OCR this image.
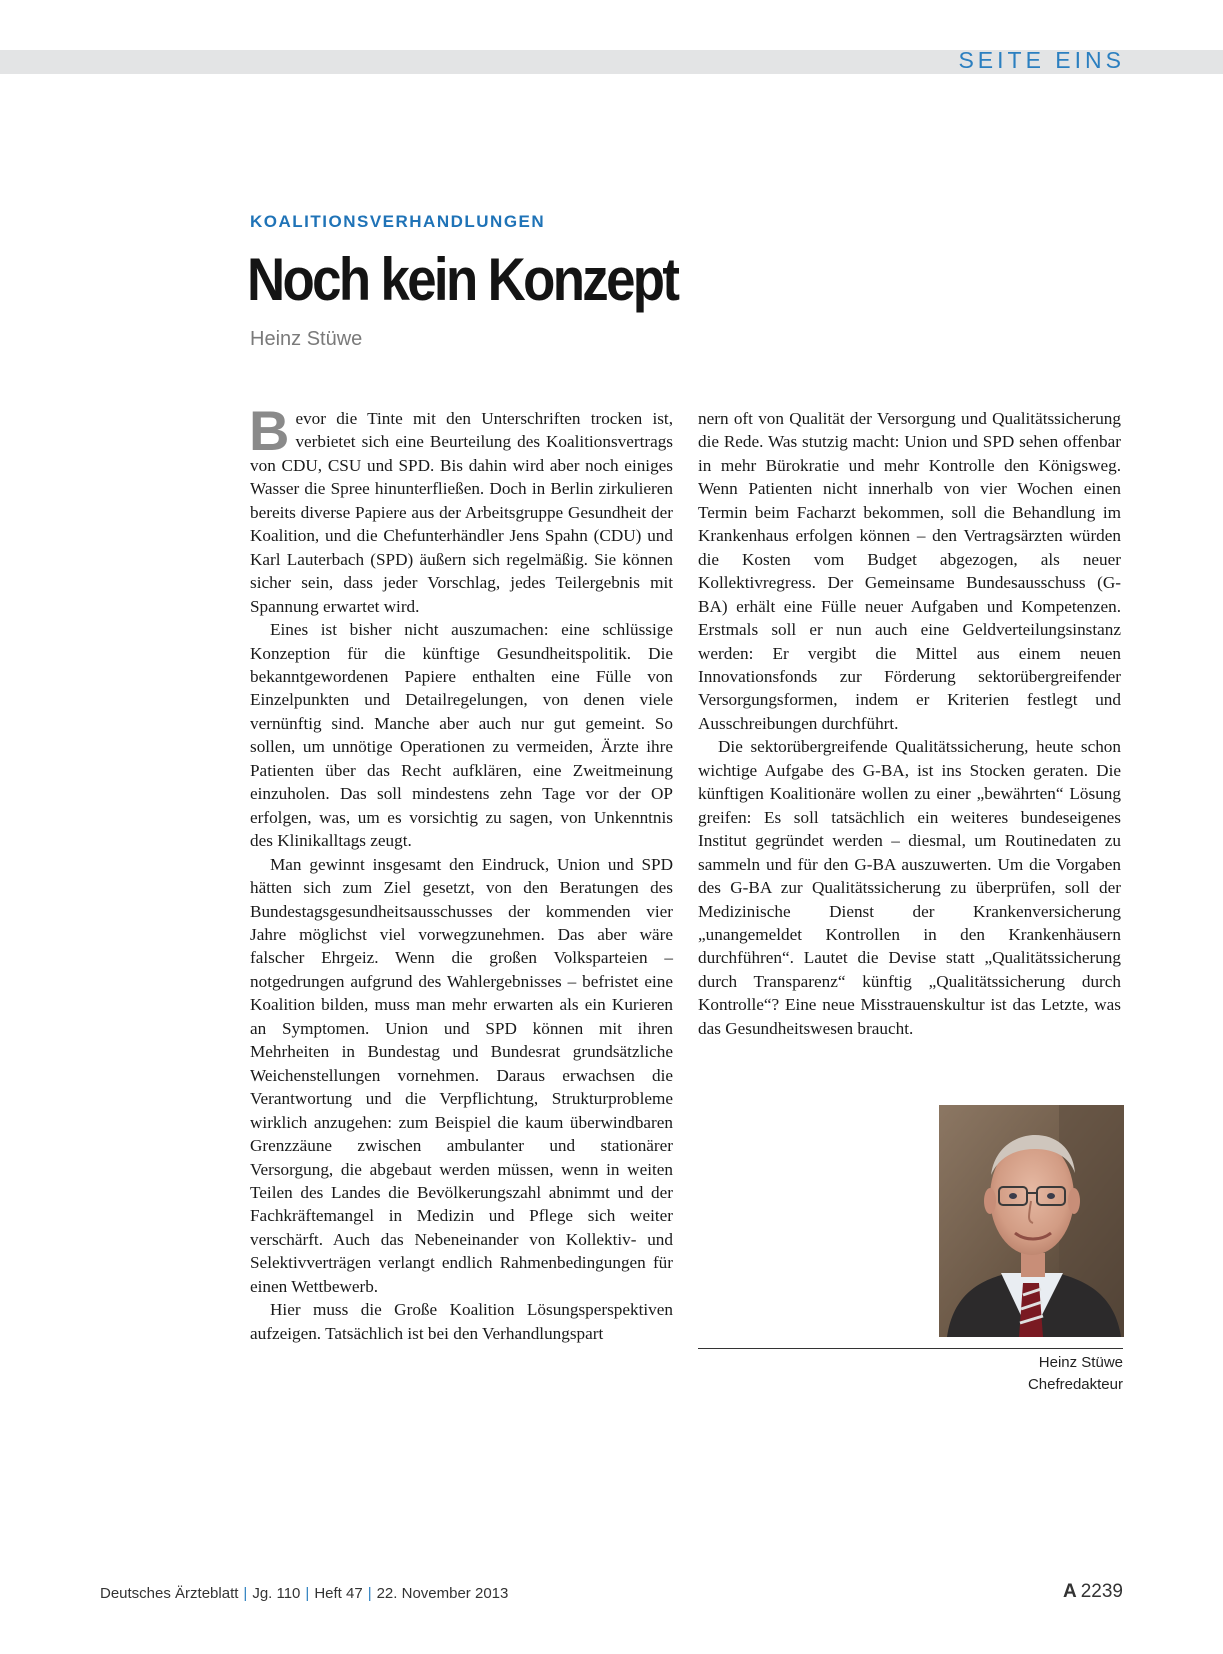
SEITE EINS
KOALITIONSVERHANDLUNGEN
Noch kein Konzept
Heinz Stüwe

Bevor die Tinte mit den Unterschriften trocken ist, verbietet sich eine Beurteilung des Koalitionsvertrags von CDU, CSU und SPD. Bis dahin wird aber noch einiges Wasser die Spree hinunterfließen. Doch in Berlin zirkulieren bereits diverse Papiere aus der Arbeitsgruppe Gesundheit der Koalition, und die Chefunterhändler Jens Spahn (CDU) und Karl Lauterbach (SPD) äußern sich regelmäßig. Sie können sicher sein, dass jeder Vorschlag, jedes Teilergebnis mit Spannung erwartet wird.

Eines ist bisher nicht auszumachen: eine schlüssige Konzeption für die künftige Gesundheitspolitik. Die bekanntgewordenen Papiere enthalten eine Fülle von Einzelpunkten und Detailregelungen, von denen viele vernünftig sind. Manche aber auch nur gut gemeint. So sollen, um unnötige Operationen zu vermeiden, Ärzte ihre Patienten über das Recht aufklären, eine Zweitmeinung einzuholen. Das soll mindestens zehn Tage vor der OP erfolgen, was, um es vorsichtig zu sagen, von Unkenntnis des Klinikalltags zeugt.

Man gewinnt insgesamt den Eindruck, Union und SPD hätten sich zum Ziel gesetzt, von den Beratungen des Bundestagsgesundheitsausschusses der kommenden vier Jahre möglichst viel vorwegzunehmen. Das aber wäre falscher Ehrgeiz. Wenn die großen Volksparteien – notgedrungen aufgrund des Wahlergebnisses – befristet eine Koalition bilden, muss man mehr erwarten als ein Kurieren an Symptomen. Union und SPD können mit ihren Mehrheiten in Bundestag und Bundesrat grundsätzliche Weichenstellungen vornehmen. Daraus erwachsen die Verantwortung und die Verpflichtung, Strukturprobleme wirklich anzugehen: zum Beispiel die kaum überwindbaren Grenzzäune zwischen ambulanter und stationärer Versorgung, die abgebaut werden müssen, wenn in weiten Teilen des Landes die Bevölkerungszahl abnimmt und der Fachkräftemangel in Medizin und Pflege sich weiter verschärft. Auch das Nebeneinander von Kollektiv- und Selektivverträgen verlangt endlich Rahmenbedingungen für einen Wettbewerb.

Hier muss die Große Koalition Lösungsperspektiven aufzeigen. Tatsächlich ist bei den Verhandlungspart

nern oft von Qualität der Versorgung und Qualitätssicherung die Rede. Was stutzig macht: Union und SPD sehen offenbar in mehr Bürokratie und mehr Kontrolle den Königsweg. Wenn Patienten nicht innerhalb von vier Wochen einen Termin beim Facharzt bekommen, soll die Behandlung im Krankenhaus erfolgen können – den Vertragsärzten würden die Kosten vom Budget abgezogen, als neuer Kollektivregress. Der Gemeinsame Bundesausschuss (G-BA) erhält eine Fülle neuer Aufgaben und Kompetenzen. Erstmals soll er nun auch eine Geldverteilungsinstanz werden: Er vergibt die Mittel aus einem neuen Innovationsfonds zur Förderung sektorübergreifender Versorgungsformen, indem er Kriterien festlegt und Ausschreibungen durchführt.

Die sektorübergreifende Qualitätssicherung, heute schon wichtige Aufgabe des G-BA, ist ins Stocken geraten. Die künftigen Koalitionäre wollen zu einer „bewährten“ Lösung greifen: Es soll tatsächlich ein weiteres bundeseigenes Institut gegründet werden – diesmal, um Routinedaten zu sammeln und für den G-BA auszuwerten. Um die Vorgaben des G-BA zur Qualitätssicherung zu überprüfen, soll der Medizinische Dienst der Krankenversicherung „unangemeldet Kontrollen in den Krankenhäusern durchführen“. Lautet die Devise statt „Qualitätssicherung durch Transparenz“ künftig „Qualitätssicherung durch Kontrolle“? Eine neue Misstrauenskultur ist das Letzte, was das Gesundheitswesen braucht.

Heinz Stüwe
Chefredakteur
Deutsches Ärzteblatt | Jg. 110 | Heft 47 | 22. November 2013	A 2239
